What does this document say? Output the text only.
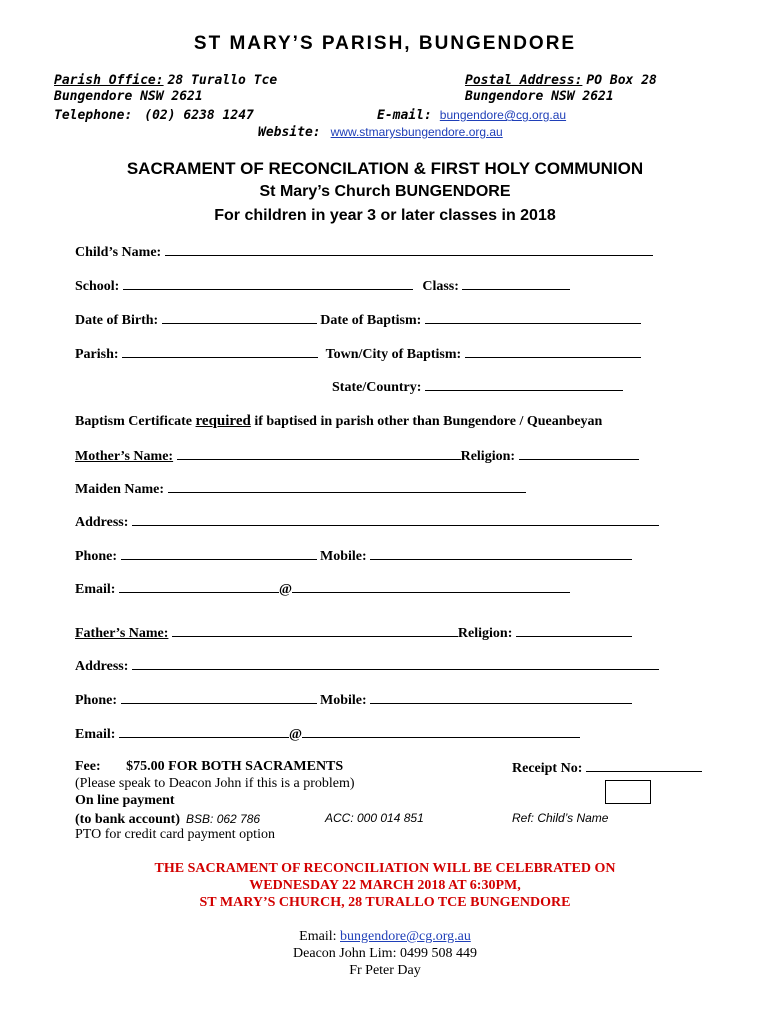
ST MARY’S PARISH, BUNGENDORE
Parish Office: 28 Turallo Tce
Bungendore NSW 2621
Telephone: (02) 6238 1247
Postal Address: PO Box 28
Bungendore NSW 2621
E-mail: bungendore@cg.org.au
Website: www.stmarysbungendore.org.au
SACRAMENT OF RECONCILATION & FIRST HOLY COMMUNION
St Mary’s Church BUNGENDORE
For children in year 3 or later classes in 2018
Child’s Name:
School:	Class:
Date of Birth:	Date of Baptism:
Parish:	Town/City of Baptism:
State/Country:
Baptism Certificate required if baptised in parish other than Bungendore / Queanbeyan
Mother’s Name:	Religion:
Maiden Name:
Address:
Phone:	Mobile:
Email:	@
Father’s Name:	Religion:
Address:
Phone:	Mobile:
Email:	@
Fee: $75.00 FOR BOTH SACRAMENTS
(Please speak to Deacon John if this is a problem)
On line payment
(to bank account) BSB: 062 786	ACC: 000 014 851
PTO for credit card payment option
Receipt No:
Ref: Child’s Name
THE SACRAMENT OF RECONCILIATION WILL BE CELEBRATED ON
WEDNESDAY 22 MARCH 2018 AT 6:30PM,
ST MARY’S CHURCH, 28 TURALLO TCE BUNGENDORE
Email: bungendore@cg.org.au
Deacon John Lim: 0499 508 449
Fr Peter Day
